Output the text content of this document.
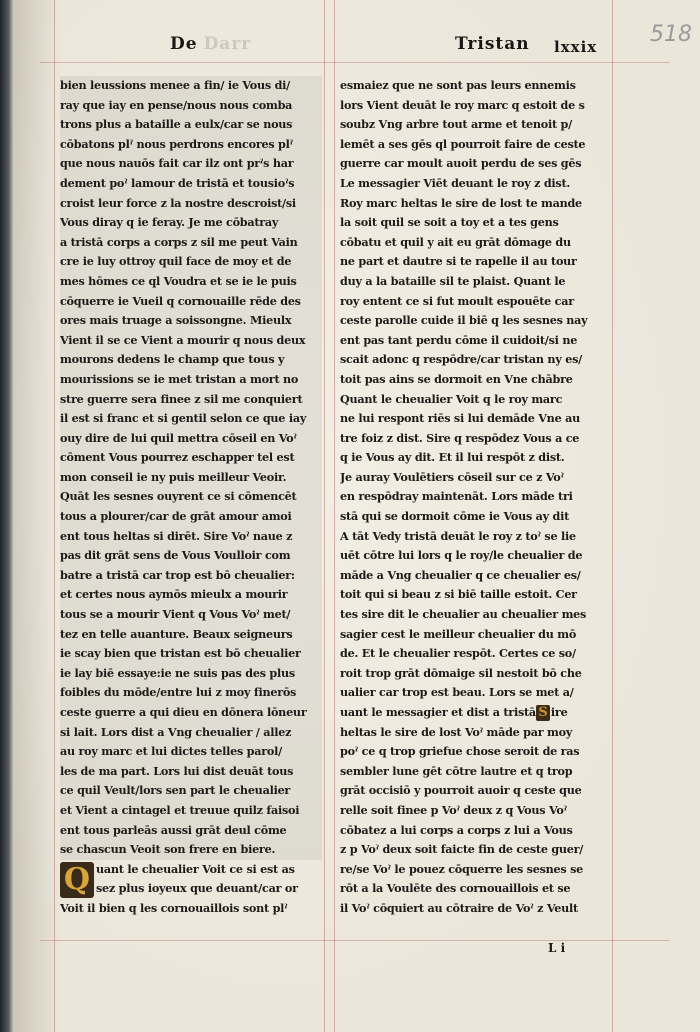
De Darr	Tristan lxxix 518
bien leussions menee a fin/ ie Vous di/
ray que iay en pense/nous nous comba
trons plus a bataille a eulx/car se nous
cōbatons plˀ nous perdrons encores plˀ
que nous nauōs fait car ilz ont prˀs har
dement poˀ lamour de tristā et tousioˀs
croist leur force z la nostre descroist/si
Vous diray q ie feray. Je me cōbatray
a tristā corps a corps z sil me peut Vain
cre ie luy ottroy quil face de moy et de
mes hōmes ce ql Voudra et se ie le puis
cōquerre ie Vueil q cornouaille rēde des
ores mais truage a soissongne. Mieulx
Vient il se ce Vient a mourir q nous deux
mourons dedens le champ que tous y
mourissions se ie met tristan a mort no
stre guerre sera finee z sil me conquiert
il est si franc et si gentil selon ce que iay
ouy dire de lui quil mettra cōseil en Voˀ
cōment Vous pourrez eschapper tel est
mon conseil ie ny puis meilleur Veoir.
Quāt les sesnes ouyrent ce si cōmencēt
tous a plourer/car de grāt amour amoi
ent tous heltas si dirēt. Sire Voˀ naue z
pas dit grāt sens de Vous Voulloir com
batre a tristā car trop est bō cheualier:
et certes nous aymōs mieulx a mourir
tous se a mourir Vient q Vous Voˀ met/
tez en telle auanture. Beaux seigneurs
ie scay bien que tristan est bō cheualier
ie lay biē essaye:ie ne suis pas des plus
foibles du mōde/entre lui z moy finerōs
ceste guerre a qui dieu en dōnera lōneur
si lait. Lors dist a Vng cheualier / allez
au roy marc et lui dictes telles parol/
les de ma part. Lors lui dist deuāt tous
ce quil Veult/lors sen part le cheualier
et Vient a cintagel et treuue quilz faisoi
ent tous parleās aussi grāt deul cōme
se chascun Veoit son frere en biere.
Q uant le cheualier Voit ce si est as
sez plus ioyeux que deuant/car or
Voit il bien q les cornouaillois sont plˀ
esmaiez que ne sont pas leurs ennemis
lors Vient deuāt le roy marc q estoit de s
soubz Vng arbre tout arme et tenoit p/
lemēt a ses gēs ql pourroit faire de ceste
guerre car moult auoit perdu de ses gēs
Le messagier Viēt deuant le roy z dist.
Roy marc heltas le sire de lost te mande
la soit quil se soit a toy et a tes gens
cōbatu et quil y ait eu grāt dōmage du
ne part et dautre si te rapelle il au tour
duy a la bataille sil te plaist. Quant le
roy entent ce si fut moult espouēte car
ceste parolle cuide il biē q les sesnes nay
ent pas tant perdu cōme il cuidoit/si ne
scait adonc q respōdre/car tristan ny es/
toit pas ains se dormoit en Vne chābre
Quant le cheualier Voit q le roy marc
ne lui respont riēs si lui demāde Vne au
tre foiz z dist. Sire q respōdez Vous a ce
q ie Vous ay dit. Et il lui respōt z dist.
Je auray Voulētiers cōseil sur ce z Voˀ
en respōdray maintenāt. Lors māde tri
stā qui se dormoit cōme ie Vous ay dit
A tāt Vedy tristā deuāt le roy z toˀ se lie
uēt cōtre lui lors q le roy/le cheualier de
māde a Vng cheualier q ce cheualier es/
toit qui si beau z si biē taille estoit. Cer
tes sire dit le cheualier au cheualier mes
sagier cest le meilleur cheualier du mō
de. Et le cheualier respōt. Certes ce so/
roit trop grāt dōmaige sil nestoit bō che
ualier car trop est beau. Lors se met a/
uant le messagier et dist a tristā S ire
heltas le sire de lost Voˀ māde par moy
poˀ ce q trop griefue chose seroit de ras
sembler lune gēt cōtre lautre et q trop
grāt occisiō y pourroit auoir q ceste que
relle soit finee p Voˀ deux z q Vous Voˀ
cōbatez a lui corps a corps z lui a Vous
z p Voˀ deux soit faicte fin de ceste guer/
re/se Voˀ le pouez cōquerre les sesnes se
rōt a la Voulēte des cornouaillois et se
il Voˀ cōquiert au cōtraire de Voˀ z Veult
L i
